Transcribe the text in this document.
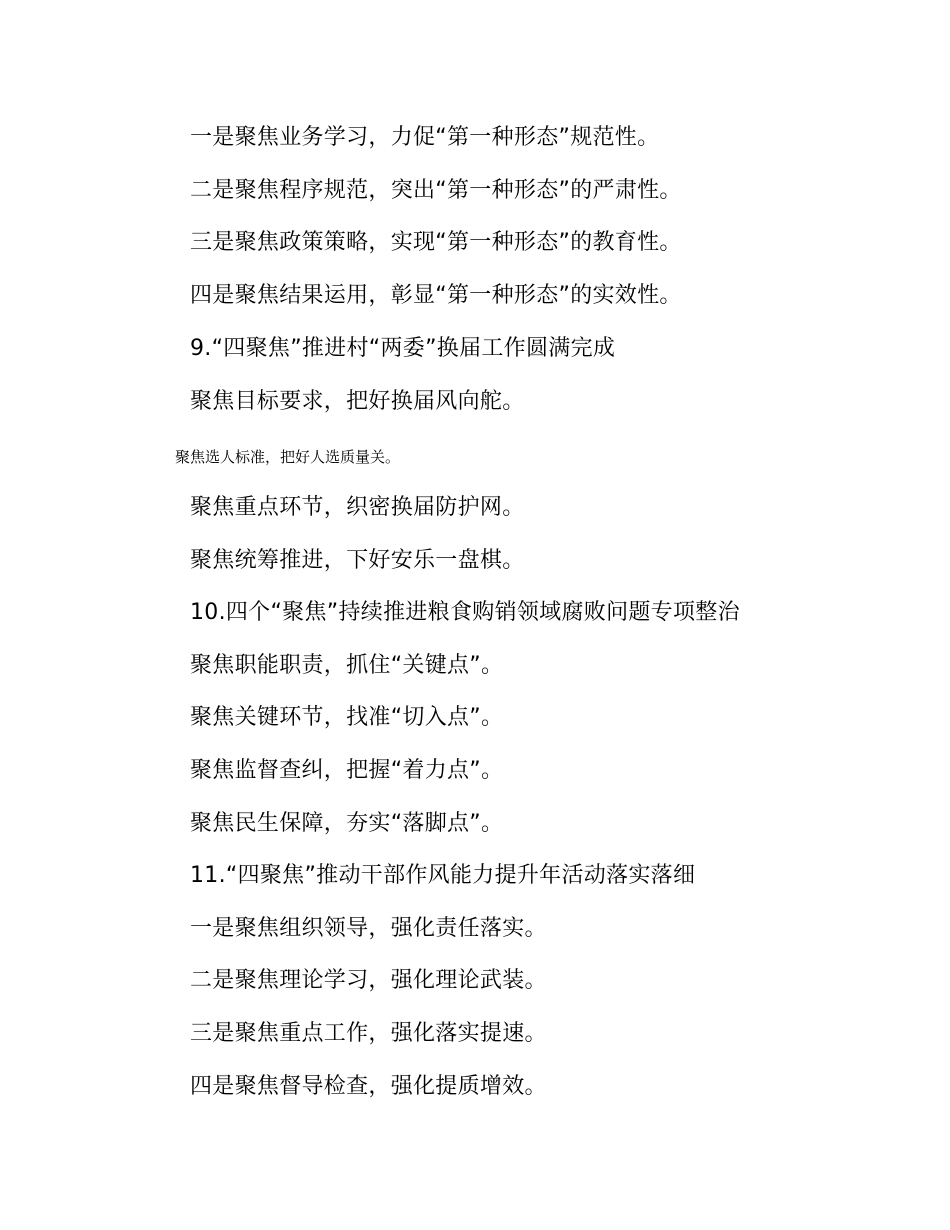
一是聚焦业务学习，力促“第一种形态”规范性。
二是聚焦程序规范，突出“第一种形态”的严肃性。
三是聚焦政策策略，实现“第一种形态”的教育性。
四是聚焦结果运用，彰显“第一种形态”的实效性。
9.“四聚焦”推进村“两委”换届工作圆满完成
聚焦目标要求，把好换届风向舵。
聚焦选人标准，把好人选质量关。
聚焦重点环节，织密换届防护网。
聚焦统筹推进，下好安乐一盘棋。
10.四个“聚焦”持续推进粮食购销领域腐败问题专项整治
聚焦职能职责，抓住“关键点”。
聚焦关键环节，找准“切入点”。
聚焦监督查纠，把握“着力点”。
聚焦民生保障，夯实“落脚点”。
11.“四聚焦”推动干部作风能力提升年活动落实落细
一是聚焦组织领导，强化责任落实。
二是聚焦理论学习，强化理论武装。
三是聚焦重点工作，强化落实提速。
四是聚焦督导检查，强化提质增效。
